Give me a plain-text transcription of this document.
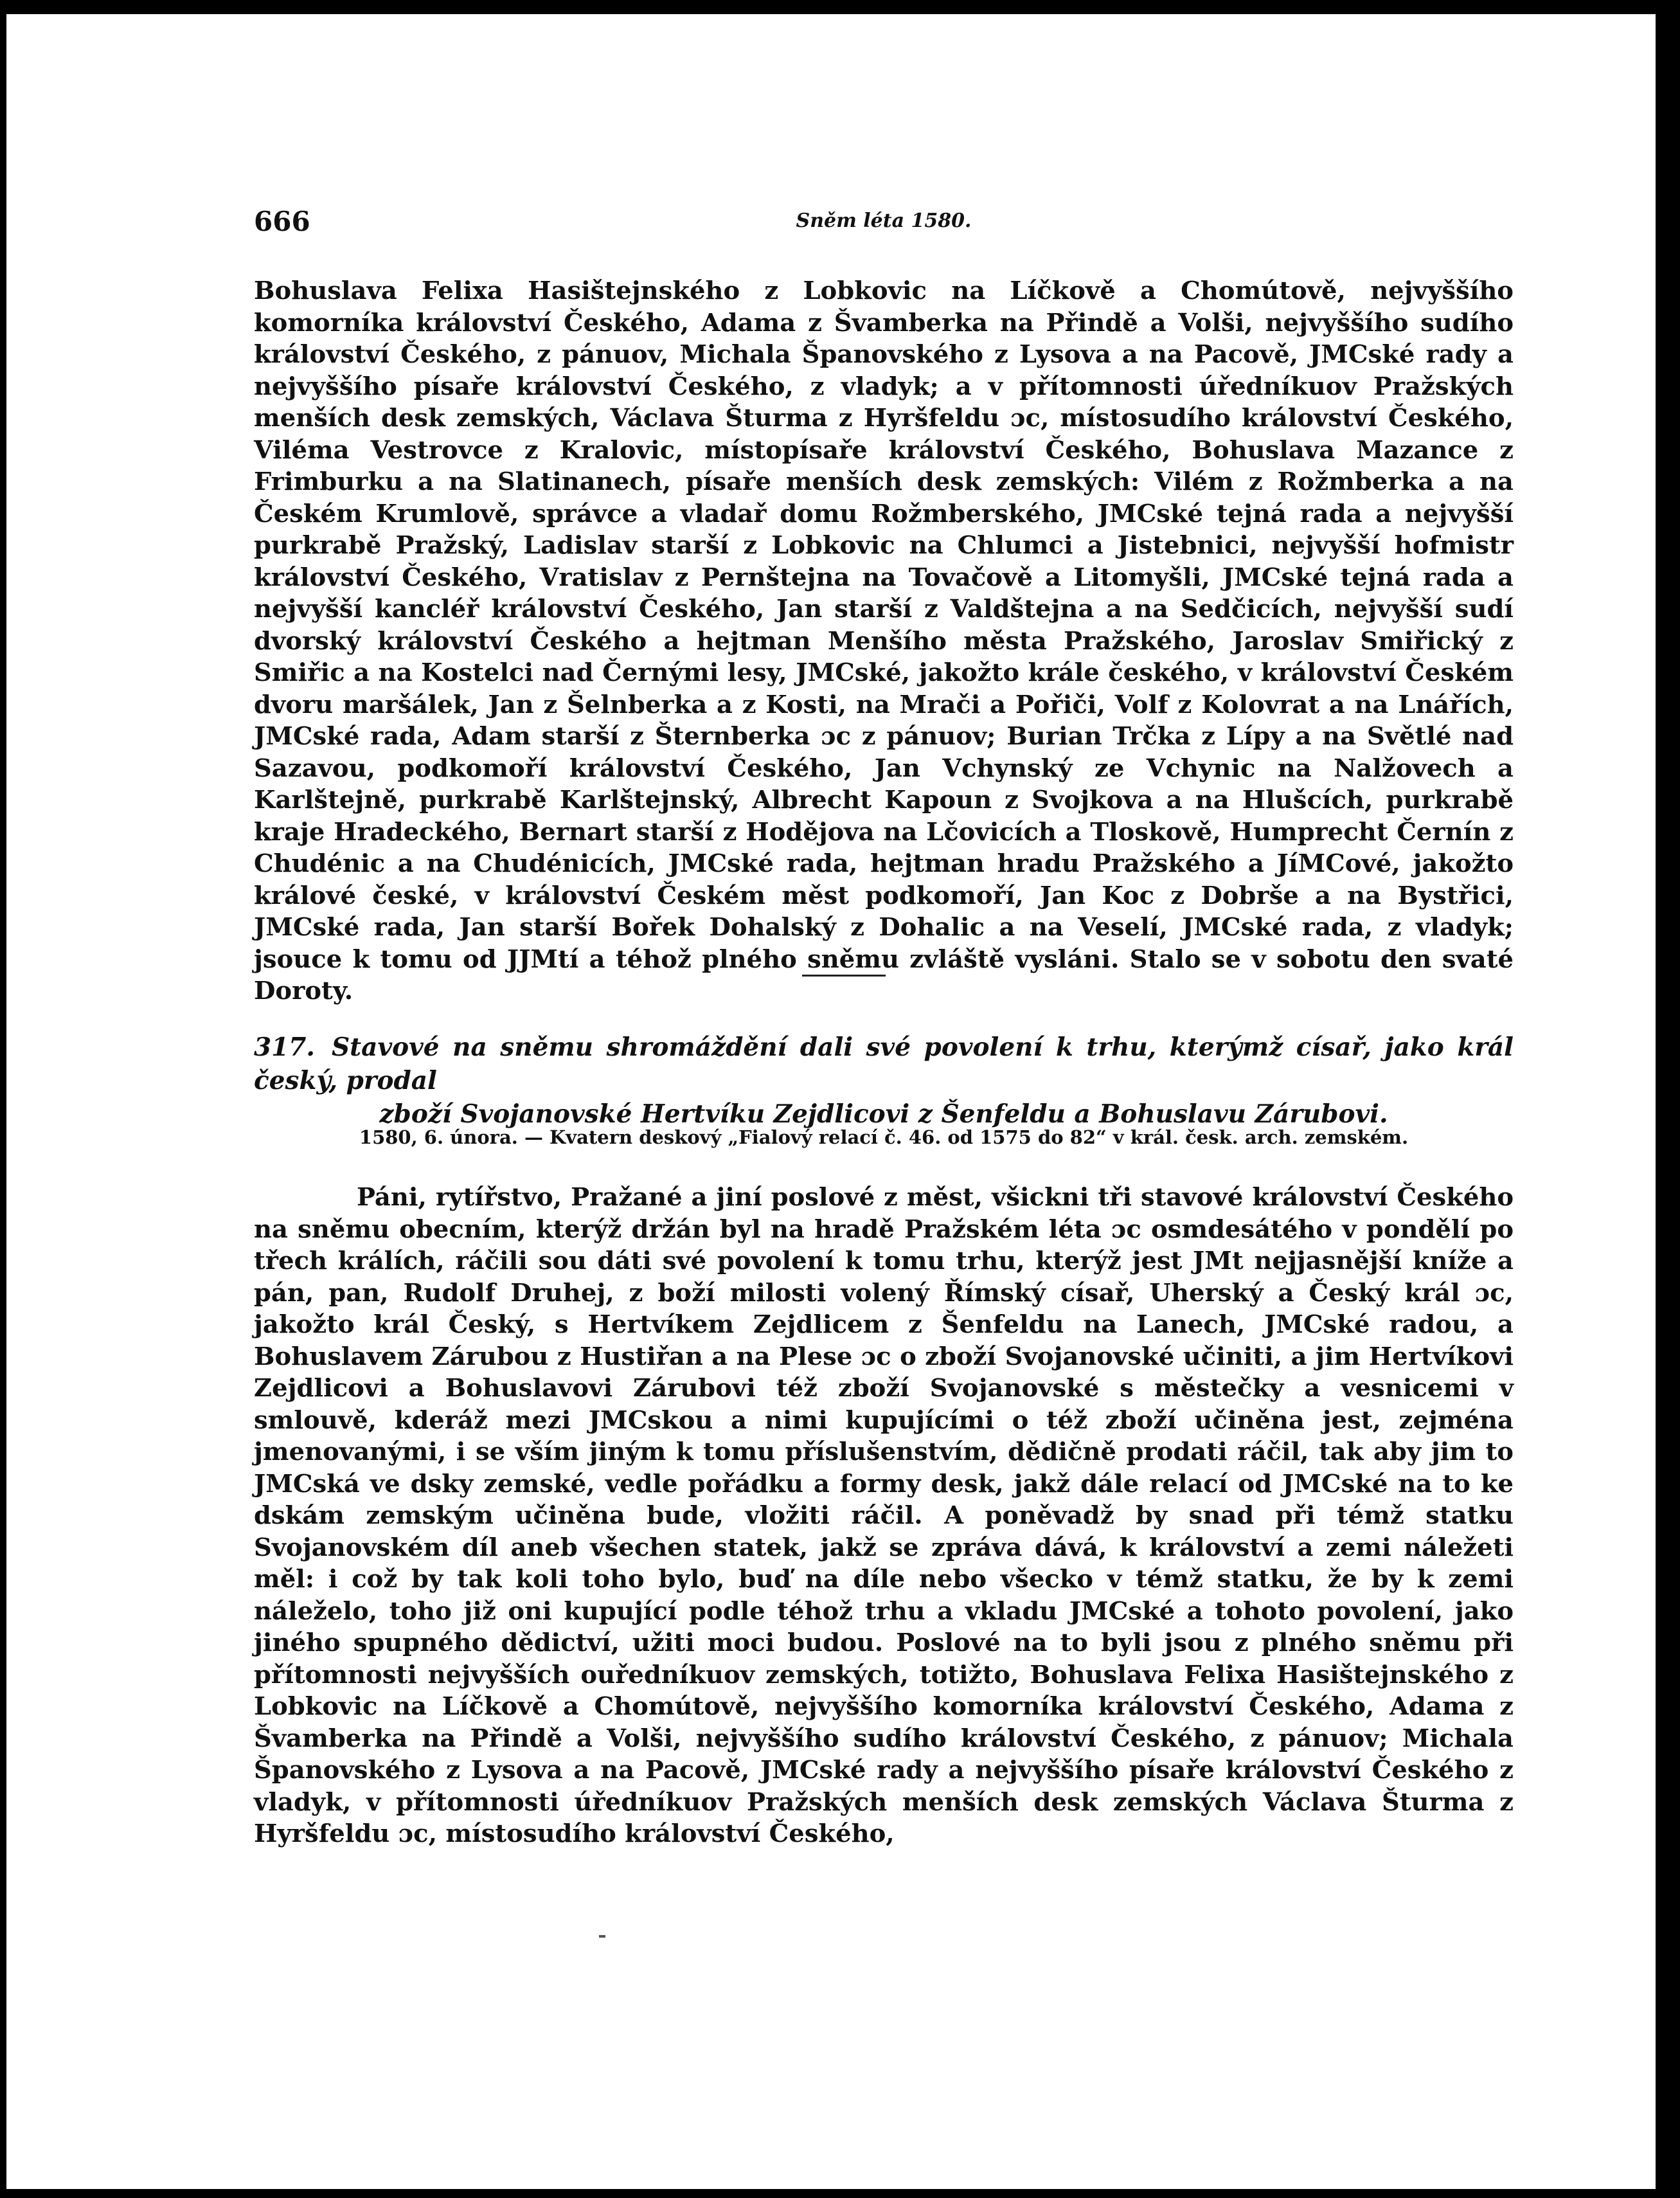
666	Sněm léta 1580.

Bohuslava Felixa Hasištejnského z Lobkovic na Líčkově a Chomútově, nejvyššího komorníka království Českého, Adama z Švamberka na Přindě a Volši, nejvyššího sudího království Českého, z pánuov, Michala Španovského z Lysova a na Pacově, JMCské rady a nejvyššího písaře království Českého, z vladyk; a v přítomnosti úředníkuov Pražských menších desk zemských, Václava Šturma z Hyršfeldu ɔc, místosudího království Českého, Viléma Vestrovce z Kralovic, místopísaře království Českého, Bohuslava Mazance z Frimburku a na Slatinanech, písaře menších desk zemských: Vilém z Rožmberka a na Českém Krumlově, správce a vladař domu Rožmberského, JMCské tejná rada a nejvyšší purkrabě Pražský, Ladislav starší z Lobkovic na Chlumci a Jistebnici, nejvyšší hofmistr království Českého, Vratislav z Pernštejna na Tovačově a Litomyšli, JMCské tejná rada a nejvyšší kancléř království Českého, Jan starší z Valdštejna a na Sedčicích, nejvyšší sudí dvorský království Českého a hejtman Menšího města Pražského, Jaroslav Smiřický z Smiřic a na Kostelci nad Černými lesy, JMCské, jakožto krále českého, v království Českém dvoru maršálek, Jan z Šelnberka a z Kosti, na Mrači a Pořiči, Volf z Kolovrat a na Lnářích, JMCské rada, Adam starší z Šternberka ɔc z pánuov; Burian Trčka z Lípy a na Světlé nad Sazavou, podkomoří království Českého, Jan Vchynský ze Vchynic na Nalžovech a Karlštejně, purkrabě Karlštejnský, Albrecht Kapoun z Svojkova a na Hlušcích, purkrabě kraje Hradeckého, Bernart starší z Hodějova na Lčovicích a Tloskově, Humprecht Černín z Chudénic a na Chudénicích, JMCské rada, hejtman hradu Pražského a JíMCové, jakožto králové české, v království Českém měst podkomoří, Jan Koc z Dobrše a na Bystřici, JMCské rada, Jan starší Bořek Dohalský z Dohalic a na Veselí, JMCské rada, z vladyk; jsouce k tomu od JJMtí a téhož plného sněmu zvláště vysláni. Stalo se v sobotu den svaté Doroty.

317. Stavové na sněmu shromáždění dali své povolení k trhu, kterýmž císař, jako král český, prodal
zboží Svojanovské Hertvíku Zejdlicovi z Šenfeldu a Bohuslavu Zárubovi.

1580, 6. února. — Kvatern deskový „Fialový relací č. 46. od 1575 do 82“ v král. česk. arch. zemském.

Páni, rytířstvo, Pražané a jiní poslové z měst, všickni tři stavové království Českého na sněmu obecním, kterýž držán byl na hradě Pražském léta ɔc osmdesátého v pondělí po třech králích, ráčili sou dáti své povolení k tomu trhu, kterýž jest JMt nejjasnější kníže a pán, pan, Rudolf Druhej, z boží milosti volený Římský císař, Uherský a Český král ɔc, jakožto král Český, s Hertvíkem Zejdlicem z Šenfeldu na Lanech, JMCské radou, a Bohuslavem Zárubou z Hustiřan a na Plese ɔc o zboží Svojanovské učiniti, a jim Hertvíkovi Zejdlicovi a Bohuslavovi Zárubovi též zboží Svojanovské s městečky a vesnicemi v smlouvě, kderáž mezi JMCskou a nimi kupujícími o též zboží učiněna jest, zejména jmenovanými, i se vším jiným k tomu příslušenstvím, dědičně prodati ráčil, tak aby jim to JMCská ve dsky zemské, vedle pořádku a formy desk, jakž dále relací od JMCské na to ke dskám zemským učiněna bude, vložiti ráčil. A poněvadž by snad při témž statku Svojanovském díl aneb všechen statek, jakž se zpráva dává, k království a zemi náležeti měl: i což by tak koli toho bylo, buď na díle nebo všecko v témž statku, že by k zemi náleželo, toho již oni kupující podle téhož trhu a vkladu JMCské a tohoto povolení, jako jiného spupného dědictví, užiti moci budou. Poslové na to byli jsou z plného sněmu při přítomnosti nejvyšších ouředníkuov zemských, totižto, Bohuslava Felixa Hasištejnského z Lobkovic na Líčkově a Chomútově, nejvyššího komorníka království Českého, Adama z Švamberka na Přindě a Volši, nejvyššího sudího království Českého, z pánuov; Michala Španovského z Lysova a na Pacově, JMCské rady a nejvyššího písaře království Českého z vladyk, v přítomnosti úředníkuov Pražských menších desk zemských Václava Šturma z Hyršfeldu ɔc, místosudího království Českého,
